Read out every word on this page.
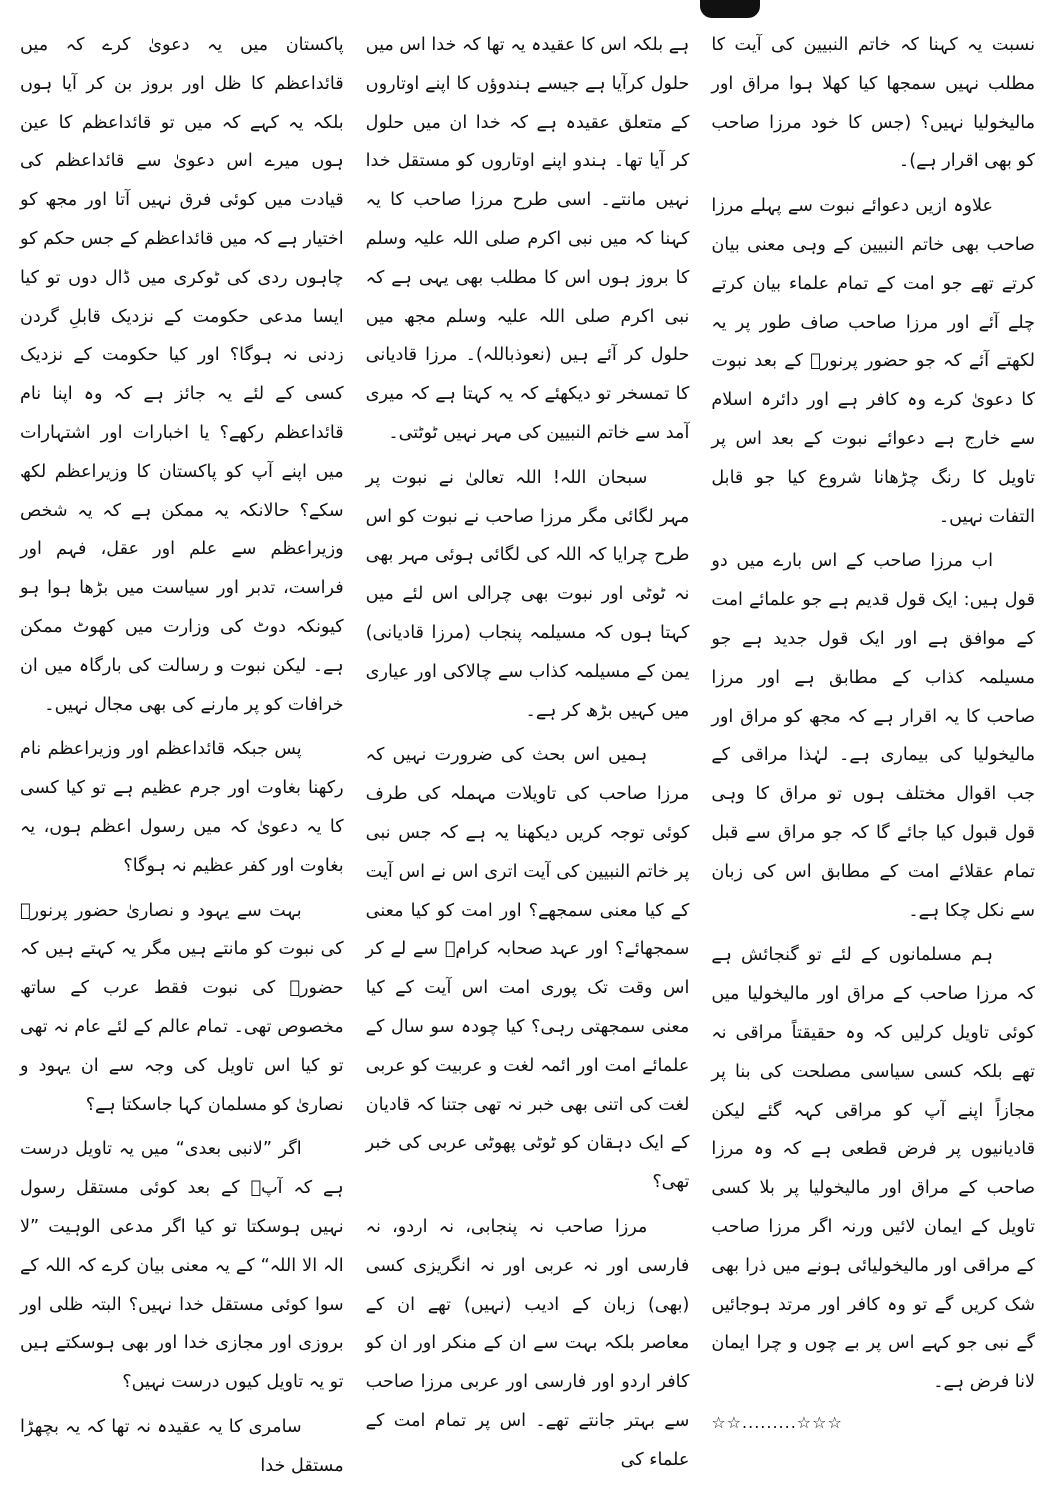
پاکستان میں یہ دعویٰ کرے کہ میں قائداعظم کا ظل اور بروز بن کر آیا ہوں بلکہ یہ کہے کہ میں تو قائداعظم کا عین ہوں میرے اس دعویٰ سے قائداعظم کی قیادت میں کوئی فرق نہیں آتا اور مجھ کو اختیار ہے کہ میں قائداعظم کے جس حکم کو چاہوں ردی کی ٹوکری میں ڈال دوں تو کیا ایسا مدعی حکومت کے نزدیک قابلِ گردن زدنی نہ ہوگا؟ اور کیا حکومت کے نزدیک کسی کے لئے یہ جائز ہے کہ وہ اپنا نام قائداعظم رکھے؟ یا اخبارات اور اشتہارات میں اپنے آپ کو پاکستان کا وزیراعظم لکھ سکے؟ حالانکہ یہ ممکن ہے کہ یہ شخص وزیراعظم سے علم اور عقل، فہم اور فراست، تدبر اور سیاست میں بڑھا ہوا ہو کیونکہ دوٹ کی وزارت میں کھوٹ ممکن ہے۔ لیکن نبوت و رسالت کی بارگاہ میں ان خرافات کو پر مارنے کی بھی مجال نہیں۔

پس جبکہ قائداعظم اور وزیراعظم نام رکھنا بغاوت اور جرم عظیم ہے تو کیا کسی کا یہ دعویٰ کہ میں رسول اعظم ہوں، یہ بغاوت اور کفر عظیم نہ ہوگا؟

بہت سے یہود و نصاریٰ حضور پرنورؐ کی نبوت کو مانتے ہیں مگر یہ کہتے ہیں کہ حضورؐ کی نبوت فقط عرب کے ساتھ مخصوص تھی۔ تمام عالم کے لئے عام نہ تھی تو کیا اس تاویل کی وجہ سے ان یہود و نصاریٰ کو مسلمان کہا جاسکتا ہے؟

اگر ”لانبی بعدی“ میں یہ تاویل درست ہے کہ آپؐ کے بعد کوئی مستقل رسول نہیں ہوسکتا تو کیا اگر مدعی الوہیت ”لا الہ الا اللہ“ کے یہ معنی بیان کرے کہ اللہ کے سوا کوئی مستقل خدا نہیں؟ البتہ ظلی اور بروزی اور مجازی خدا اور بھی ہوسکتے ہیں تو یہ تاویل کیوں درست نہیں؟

سامری کا یہ عقیدہ نہ تھا کہ یہ بچھڑا مستقل خدا

ہے بلکہ اس کا عقیدہ یہ تھا کہ خدا اس میں حلول کرآیا ہے جیسے ہندوؤں کا اپنے اوتاروں کے متعلق عقیدہ ہے کہ خدا ان میں حلول کر آیا تھا۔ ہندو اپنے اوتاروں کو مستقل خدا نہیں مانتے۔ اسی طرح مرزا صاحب کا یہ کہنا کہ میں نبی اکرم صلی اللہ علیہ وسلم کا بروز ہوں اس کا مطلب بھی یہی ہے کہ نبی اکرم صلی اللہ علیہ وسلم مجھ میں حلول کر آئے ہیں (نعوذباللہ)۔ مرزا قادیانی کا تمسخر تو دیکھئے کہ یہ کہتا ہے کہ میری آمد سے خاتم النبیین کی مہر نہیں ٹوٹتی۔

سبحان اللہ! اللہ تعالیٰ نے نبوت پر مہر لگائی مگر مرزا صاحب نے نبوت کو اس طرح چرایا کہ اللہ کی لگائی ہوئی مہر بھی نہ ٹوٹی اور نبوت بھی چرالی اس لئے میں کہتا ہوں کہ مسیلمہ پنجاب (مرزا قادیانی) یمن کے مسیلمہ کذاب سے چالاکی اور عیاری میں کہیں بڑھ کر ہے۔

ہمیں اس بحث کی ضرورت نہیں کہ مرزا صاحب کی تاویلات مہملہ کی طرف کوئی توجہ کریں دیکھنا یہ ہے کہ جس نبی پر خاتم النبیین کی آیت اتری اس نے اس آیت کے کیا معنی سمجھے؟ اور امت کو کیا معنی سمجھائے؟ اور عہد صحابہ کرامؓ سے لے کر اس وقت تک پوری امت اس آیت کے کیا معنی سمجھتی رہی؟ کیا چودہ سو سال کے علمائے امت اور ائمہ لغت و عربیت کو عربی لغت کی اتنی بھی خبر نہ تھی جتنا کہ قادیان کے ایک دہقان کو ٹوٹی پھوٹی عربی کی خبر تھی؟

مرزا صاحب نہ پنجابی، نہ اردو، نہ فارسی اور نہ عربی اور نہ انگریزی کسی (بھی) زبان کے ادیب (نہیں) تھے ان کے معاصر بلکہ بہت سے ان کے منکر اور ان کو کافر اردو اور فارسی اور عربی مرزا صاحب سے بہتر جانتے تھے۔ اس پر تمام امت کے علماء کی

نسبت یہ کہنا کہ خاتم النبیین کی آیت کا مطلب نہیں سمجھا کیا کھلا ہوا مراق اور مالیخولیا نہیں؟ (جس کا خود مرزا صاحب کو بھی اقرار ہے)۔

علاوہ ازیں دعوائے نبوت سے پہلے مرزا صاحب بھی خاتم النبیین کے وہی معنی بیان کرتے تھے جو امت کے تمام علماء بیان کرتے چلے آئے اور مرزا صاحب صاف طور پر یہ لکھتے آئے کہ جو حضور پرنورؐ کے بعد نبوت کا دعویٰ کرے وہ کافر ہے اور دائرہ اسلام سے خارج ہے دعوائے نبوت کے بعد اس پر تاویل کا رنگ چڑھانا شروع کیا جو قابل التفات نہیں۔

اب مرزا صاحب کے اس بارے میں دو قول ہیں: ایک قول قدیم ہے جو علمائے امت کے موافق ہے اور ایک قول جدید ہے جو مسیلمہ کذاب کے مطابق ہے اور مرزا صاحب کا یہ اقرار ہے کہ مجھ کو مراق اور مالیخولیا کی بیماری ہے۔ لہٰذا مراقی کے جب اقوال مختلف ہوں تو مراق کا وہی قول قبول کیا جائے گا کہ جو مراق سے قبل تمام عقلائے امت کے مطابق اس کی زبان سے نکل چکا ہے۔

ہم مسلمانوں کے لئے تو گنجائش ہے کہ مرزا صاحب کے مراق اور مالیخولیا میں کوئی تاویل کرلیں کہ وہ حقیقتاً مراقی نہ تھے بلکہ کسی سیاسی مصلحت کی بنا پر مجازاً اپنے آپ کو مراقی کہہ گئے لیکن قادیانیوں پر فرض قطعی ہے کہ وہ مرزا صاحب کے مراق اور مالیخولیا پر بلا کسی تاویل کے ایمان لائیں ورنہ اگر مرزا صاحب کے مراقی اور مالیخولیائی ہونے میں ذرا بھی شک کریں گے تو وہ کافر اور مرتد ہوجائیں گے نبی جو کہے اس پر بے چوں و چرا ایمان لانا فرض ہے۔

☆☆.........☆☆☆
